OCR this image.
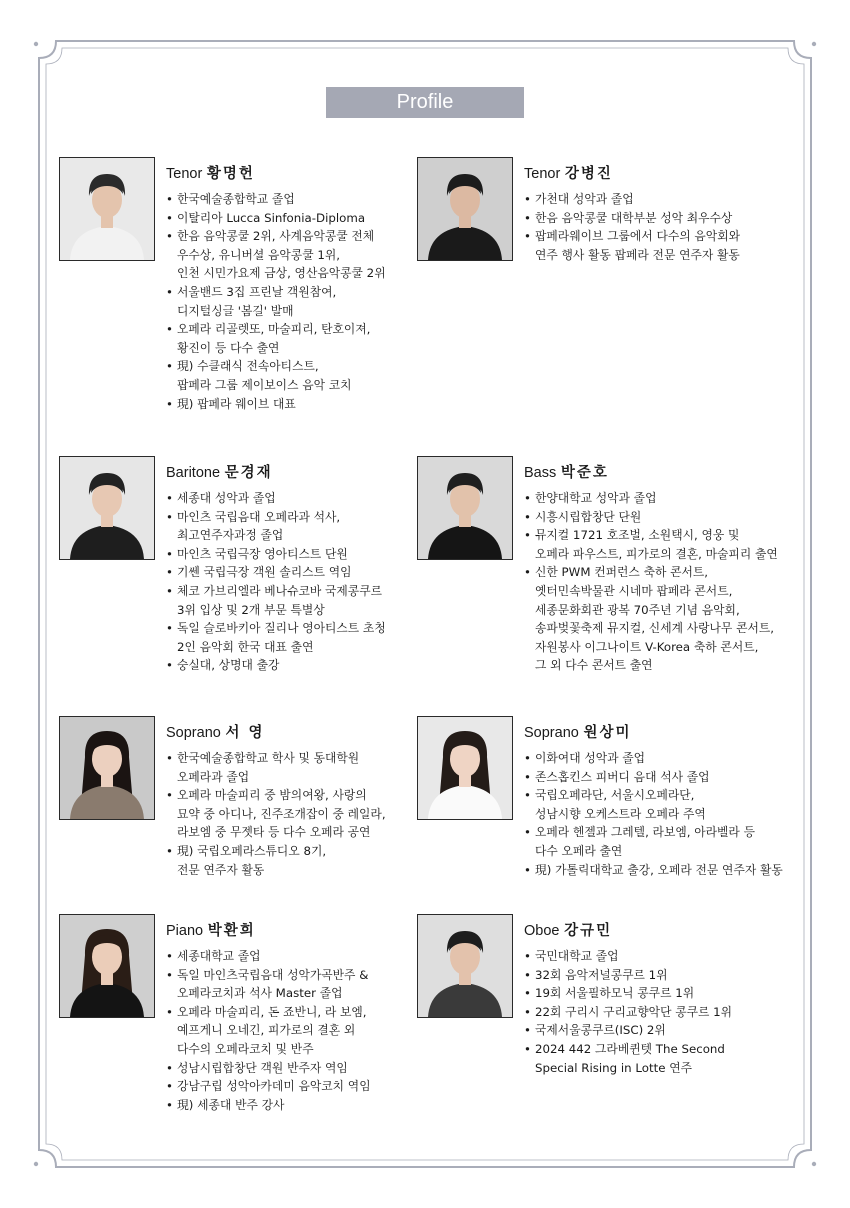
Profile
Tenor 황명헌
• 한국예술종합학교 졸업
• 이탈리아 Lucca Sinfonia-Diploma
• 한음 음악콩쿨 2위, 사계음악콩쿨 전체
우수상, 유니버셜 음악콩쿨 1위,
인천 시민가요제 금상, 영산음악콩쿨 2위
• 서울밴드 3집 프린날 객원참여,
디지털싱글 '봄길' 발매
• 오페라 리골렛또, 마술피리, 탄호이져,
황진이 등 다수 출연
• 現) 수클래식 전속아티스트,
팝페라 그룹 제이보이스 음악 코치
• 現) 팝페라 웨이브 대표
Tenor 강병진
• 가천대 성악과 졸업
• 한음 음악콩쿨 대학부분 성악 최우수상
• 팝페라웨이브 그룹에서 다수의 음악회와
연주 행사 활동 팝페라 전문 연주자 활동
Baritone 문경재
• 세종대 성악과 졸업
• 마인츠 국립음대 오페라과 석사,
최고연주자과정 졸업
• 마인츠 국립극장 영아티스트 단원
• 기쎈 국립극장 객원 솔리스트 역임
• 체코 가브리엘라 베나슈코바 국제콩쿠르
3위 입상 및 2개 부문 특별상
• 독일 슬로바키아 질리나 영아티스트 초청
2인 음악회 한국 대표 출연
• 숭실대, 상명대 출강
Bass 박준호
• 한양대학교 성악과 졸업
• 시흥시립합창단 단원
• 뮤지컬 1721 호조벌, 소원택시, 영웅 및
오페라 파우스트, 피가로의 결혼, 마술피리 출연
• 신한 PWM 컨퍼런스 축하 콘서트,
옛터민속박물관 시네마 팝페라 콘서트,
세종문화회관 광복 70주년 기념 음악회,
송파벚꽃축제 뮤지컬, 신세계 사랑나무 콘서트,
자원봉사 이그나이트 V-Korea 축하 콘서트,
그 외 다수 콘서트 출연
Soprano 서 영
• 한국예술종합학교 학사 및 동대학원
오페라과 졸업
• 오페라 마술피리 중 밤의여왕, 사랑의
묘약 중 아디나, 진주조개잡이 중 레일라,
라보엠 중 무젯타 등 다수 오페라 공연
• 現) 국립오페라스튜디오 8기,
전문 연주자 활동
Soprano 원상미
• 이화여대 성악과 졸업
• 존스홉킨스 피버디 음대 석사 졸업
• 국립오페라단, 서울시오페라단,
성남시향 오케스트라 오페라 주역
• 오페라 헨젤과 그레텔, 라보엠, 아라벨라 등
다수 오페라 출연
• 現) 가톨릭대학교 출강, 오페라 전문 연주자 활동
Piano 박환희
• 세종대학교 졸업
• 독일 마인츠국립음대 성악가곡반주 &
오페라코치과 석사 Master 졸업
• 오페라 마술피리, 돈 죠반니, 라 보엠,
예프게니 오네긴, 피가로의 결혼 외
다수의 오페라코치 및 반주
• 성남시립합창단 객원 반주자 역임
• 강남구립 성악아카데미 음악코치 역임
• 現) 세종대 반주 강사
Oboe 강규민
• 국민대학교 졸업
• 32회 음악저널콩쿠르 1위
• 19회 서울필하모닉 콩쿠르 1위
• 22회 구리시 구리교향악단 콩쿠르 1위
• 국제서울콩쿠르(ISC) 2위
• 2024 442 그라베퀸텟 The Second
Special Rising in Lotte 연주
